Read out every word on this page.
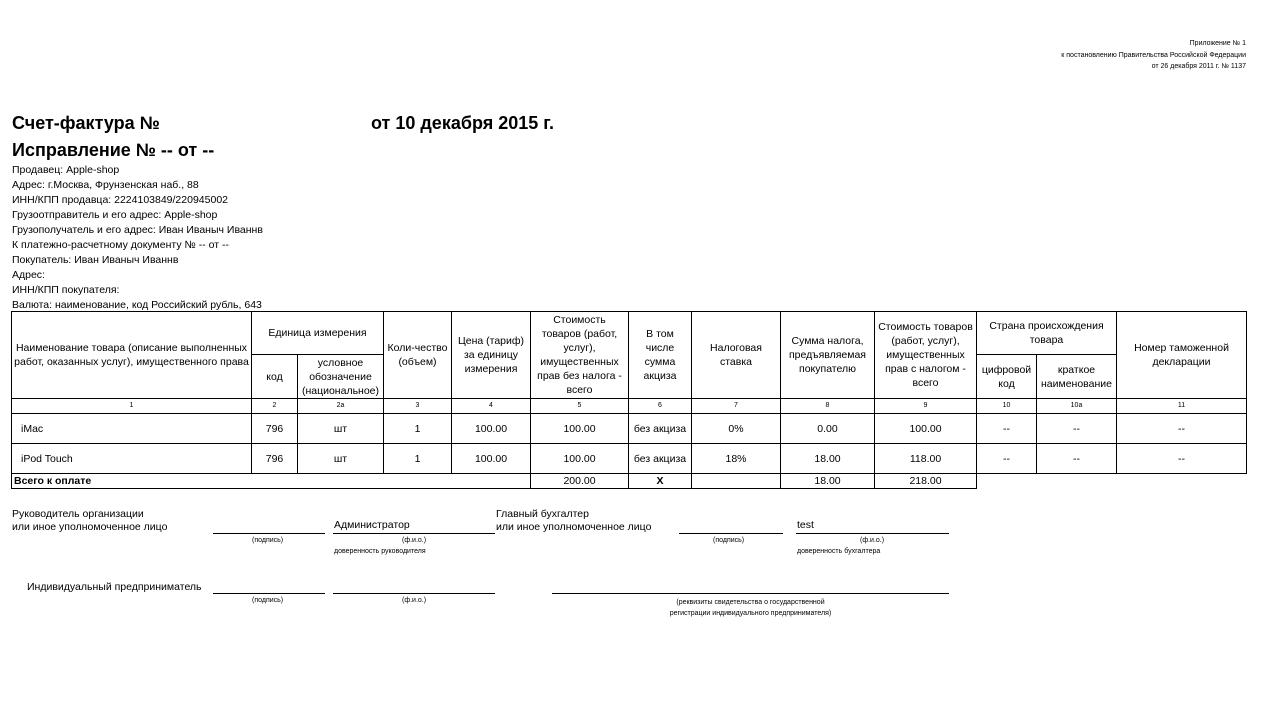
Приложение № 1
к постановлению Правительства Российской Федерации
от 26 декабря 2011 г. № 1137
Счет-фактура №	от 10 декабря 2015 г.
Исправление № -- от --
Продавец: Apple-shop
Адрес: г.Москва, Фрунзенская наб., 88
ИНН/КПП продавца: 2224103849/220945002
Грузоотправитель и его адрес: Apple-shop
Грузополучатель и его адрес: Иван Иваныч Иваннв
К платежно-расчетному документу № -- от --
Покупатель: Иван Иваныч Иваннв
Адрес:
ИНН/КПП покупателя:
Валюта: наименование, код Российский рубль, 643
Наименование товара (описание выполненных работ, оказанных услуг), имущественного права	Единица измерения		Коли-чество (объем)	Цена (тариф) за единицу измерения	Стоимость товаров (работ, услуг), имущественных прав без налога - всего	В том числе сумма акциза	Налоговая ставка	Сумма налога, предъявляемая покупателю	Стоимость товаров (работ, услуг), имущественных прав с налогом - всего	Страна происхождения товара		Номер таможенной декларации
	код	условное обозначение (национальное)								цифровой код	краткое наименование	
1	2	2а	3	4	5	6	7	8	9	10	10а	11
iMac	796	шт	1	100.00	100.00	без акциза	0%	0.00	100.00	--	--	--
iPod Touch	796	шт	1	100.00	100.00	без акциза	18%	18.00	118.00	--	--	--
Всего к оплате					200.00	X		18.00	218.00			
Руководитель организации
или иное уполномоченное лицо
(подпись)
Администратор
(ф.и.о.)
доверенность руководителя
Главный бухгалтер
или иное уполномоченное лицо
(подпись)
test
(ф.и.о.)
доверенность бухгалтера
Индивидуальный предприниматель
(подпись)	(ф.и.о.)	(реквизиты свидетельства о государственной
регистрации индивидуального предпринимателя)
